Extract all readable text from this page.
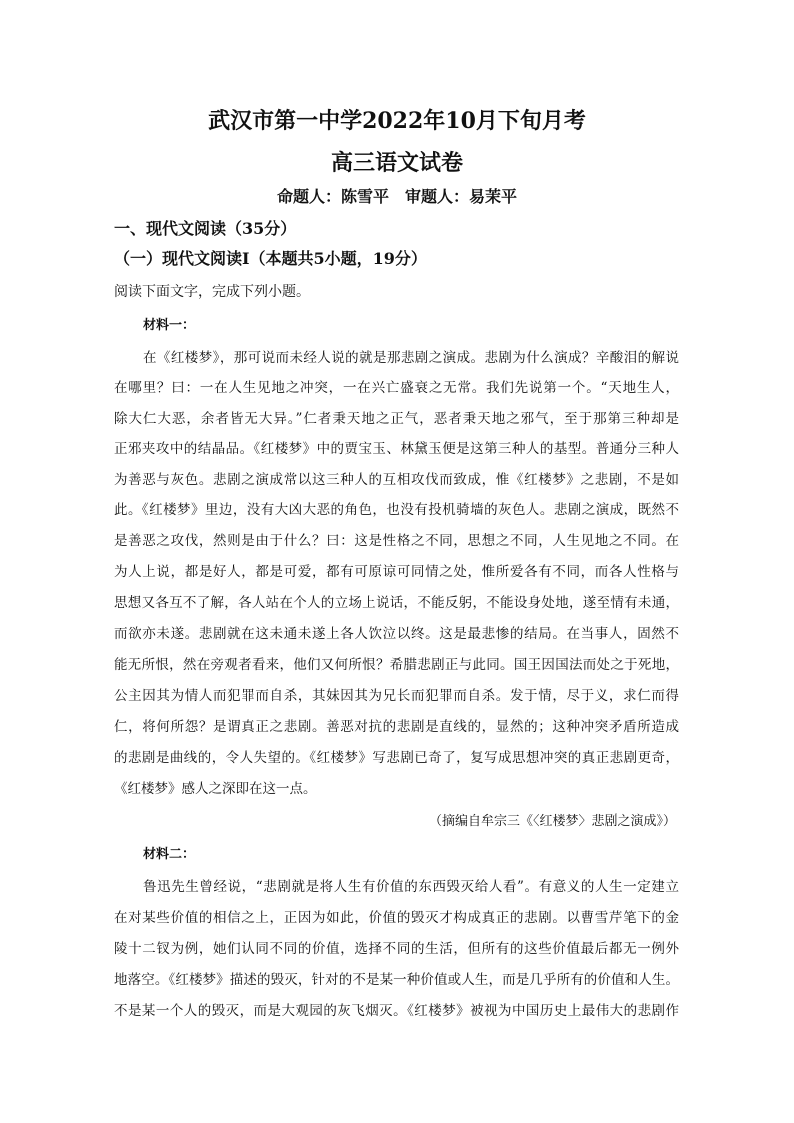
武汉市第一中学2022年10月下旬月考
高三语文试卷
命题人：陈雪平　审题人：易茉平
一、现代文阅读（35分）
（一）现代文阅读Ⅰ（本题共5小题，19分）
阅读下面文字，完成下列小题。
材料一：
在《红楼梦》，那可说而未经人说的就是那悲剧之演成。悲剧为什么演成？辛酸泪的解说
在哪里？曰：一在人生见地之冲突，一在兴亡盛衰之无常。我们先说第一个。“天地生人，
除大仁大恶，余者皆无大异。”仁者秉天地之正气，恶者秉天地之邪气，至于那第三种却是
正邪夹攻中的结晶品。《红楼梦》中的贾宝玉、林黛玉便是这第三种人的基型。普通分三种人
为善恶与灰色。悲剧之演成常以这三种人的互相攻伐而致成，惟《红楼梦》之悲剧，不是如
此。《红楼梦》里边，没有大凶大恶的角色，也没有投机骑墙的灰色人。悲剧之演成，既然不
是善恶之攻伐，然则是由于什么？曰：这是性格之不同，思想之不同，人生见地之不同。在
为人上说，都是好人，都是可爱，都有可原谅可同情之处，惟所爱各有不同，而各人性格与
思想又各互不了解，各人站在个人的立场上说话，不能反躬，不能设身处地，遂至情有未通，
而欲亦未遂。悲剧就在这未通未遂上各人饮泣以终。这是最悲惨的结局。在当事人，固然不
能无所恨，然在旁观者看来，他们又何所恨？希腊悲剧正与此同。国王因国法而处之于死地，
公主因其为情人而犯罪而自杀，其妹因其为兄长而犯罪而自杀。发于情，尽于义，求仁而得
仁，将何所怨？是谓真正之悲剧。善恶对抗的悲剧是直线的，显然的；这种冲突矛盾所造成
的悲剧是曲线的，令人失望的。《红楼梦》写悲剧已奇了，复写成思想冲突的真正悲剧更奇，
《红楼梦》感人之深即在这一点。
（摘编自牟宗三《〈红楼梦〉悲剧之演成》）
材料二：
鲁迅先生曾经说，“悲剧就是将人生有价值的东西毁灭给人看”。有意义的人生一定建立
在对某些价值的相信之上，正因为如此，价值的毁灭才构成真正的悲剧。以曹雪芹笔下的金
陵十二钗为例，她们认同不同的价值，选择不同的生活，但所有的这些价值最后都无一例外
地落空。《红楼梦》描述的毁灭，针对的不是某一种价值或人生，而是几乎所有的价值和人生。
不是某一个人的毁灭，而是大观园的灰飞烟灭。《红楼梦》被视为中国历史上最伟大的悲剧作
